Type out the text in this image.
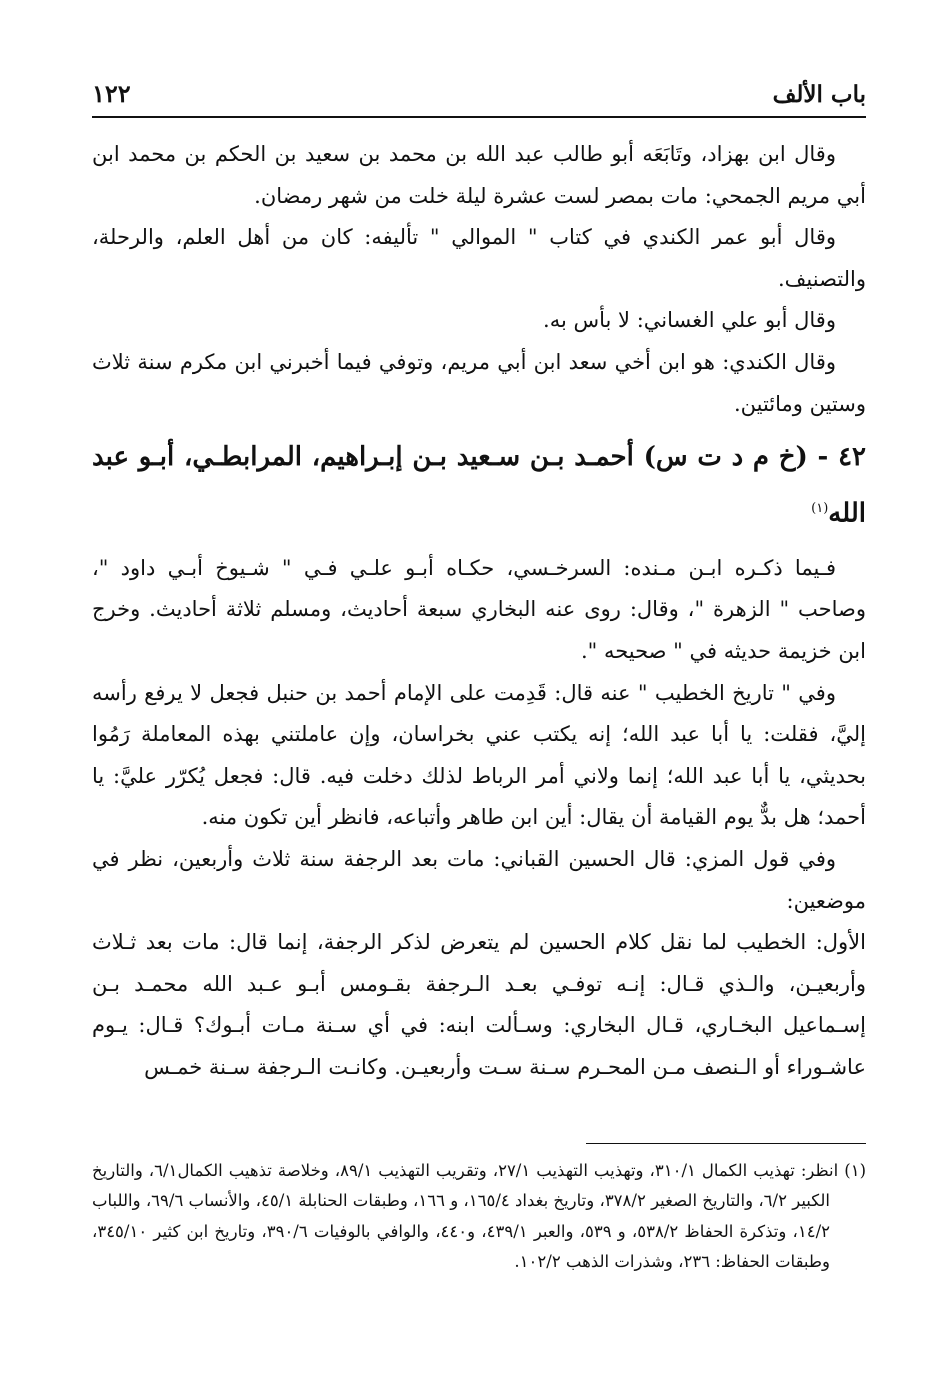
باب الألف
١٢٢

وقال ابن بهزاد، وتَابَعَه أبو طالب عبد الله بن محمد بن سعيد بن الحكم بن محمد ابن أبي مريم الجمحي: مات بمصر لست عشرة ليلة خلت من شهر رمضان.

وقال أبو عمر الكندي في كتاب " الموالي " تأليفه: كان من أهل العلم، والرحلة، والتصنيف.

وقال أبو علي الغساني: لا بأس به.

وقال الكندي: هو ابن أخي سعد ابن أبي مريم، وتوفي فيما أخبرني ابن مكرم سنة ثلاث وستين ومائتين.

٤٢ - (خ م د ت س) أحمـد بـن سـعيد بـن إبـراهيم، المرابطـي، أبـو عبد الله$^{(١)}$

فـيما ذكـره ابـن مـنده: السرخـسي، حكـاه أبـو علـي فـي " شـيوخ أبـي داود "، وصاحب " الزهرة "، وقال: روى عنه البخاري سبعة أحاديث، ومسلم ثلاثة أحاديث. وخرج ابن خزيمة حديثه في " صحيحه ".

وفي " تاريخ الخطيب " عنه قال: قَدِمت على الإمام أحمد بن حنبل فجعل لا يرفع رأسه إليَّ، فقلت: يا أبا عبد الله؛ إنه يكتب عني بخراسان، وإن عاملتني بهذه المعاملة رَمُوا بحديثي، يا أبا عبد الله؛ إنما ولاني أمر الرباط لذلك دخلت فيه. قال: فجعل يُكرّر عليَّ: يا أحمد؛ هل بدٌّ يوم القيامة أن يقال: أين ابن طاهر وأتباعه، فانظر أين تكون منه.

وفي قول المزي: قال الحسين القباني: مات بعد الرجفة سنة ثلاث وأربعين، نظر في موضعين:

الأول: الخطيب لما نقل كلام الحسين لم يتعرض لذكر الرجفة، إنما قال: مات بعد ثـلاث وأربعيـن، والـذي قـال: إنـه توفـي بعـد الـرجفة بقـومس أبـو عـبد الله محمـد بـن إسـماعيل البخـاري، قـال البخاري: وسـألت ابنه: في أي سـنة مـات أبـوك؟ قـال: يـوم عاشـوراء أو الـنصف مـن المحـرم سـنة سـت وأربعيـن. وكانـت الـرجفة سـنة خمـس

(١) انظر: تهذيب الكمال ٣١٠/١، وتهذيب التهذيب ٢٧/١، وتقريب التهذيب ٨٩/١، وخلاصة تذهيب الكمال٦/١، والتاريخ الكبير ٦/٢، والتاريخ الصغير ٣٧٨/٢، وتاريخ بغداد ١٦٥/٤، و ١٦٦، وطبقات الحنابلة ٤٥/١، والأنساب ٦٩/٦، واللباب ١٤/٢، وتذكرة الحفاظ ٥٣٨/٢، و ٥٣٩، والعبر ٤٣٩/١، و٤٤٠، والوافي بالوفيات ٣٩٠/٦، وتاريخ ابن كثير ٣٤٥/١٠، وطبقات الحفاظ: ٢٣٦، وشذرات الذهب ١٠٢/٢.
